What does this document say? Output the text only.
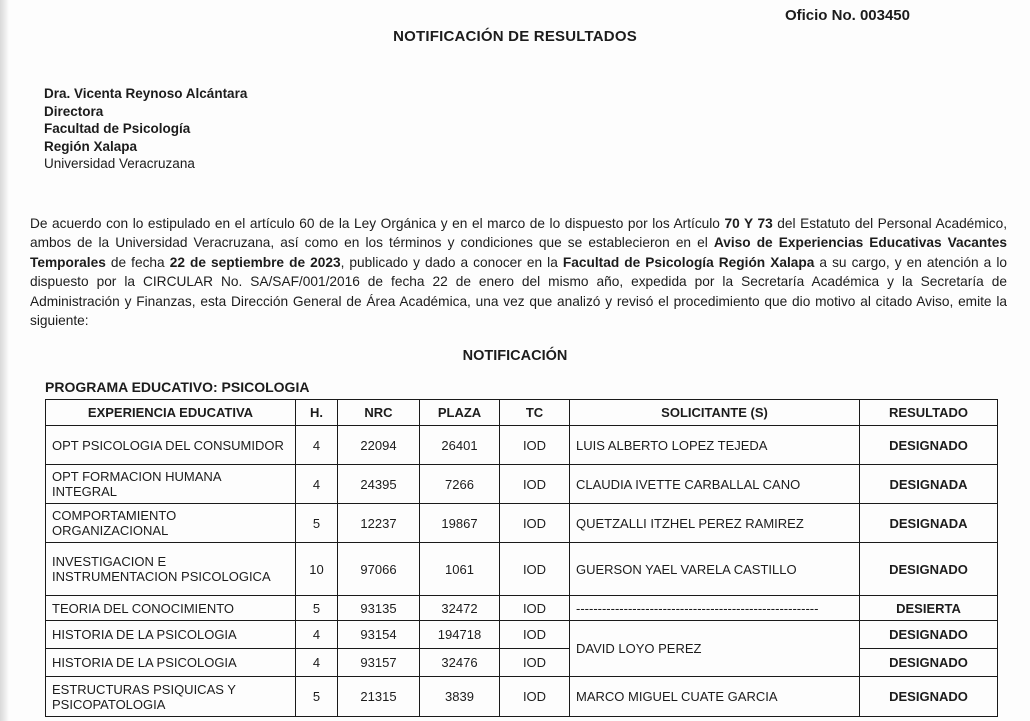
Oficio No. 003450
NOTIFICACIÓN DE RESULTADOS
Dra. Vicenta Reynoso Alcántara
Directora
Facultad de Psicología
Región Xalapa
Universidad Veracruzana

De acuerdo con lo estipulado en el artículo 60 de la Ley Orgánica y en el marco de lo dispuesto por los Artículo 70 Y 73 del Estatuto del Personal Académico, ambos de la Universidad Veracruzana, así como en los términos y condiciones que se establecieron en el Aviso de Experiencias Educativas Vacantes Temporales de fecha 22 de septiembre de 2023, publicado y dado a conocer en la Facultad de Psicología Región Xalapa a su cargo, y en atención a lo dispuesto por la CIRCULAR No. SA/SAF/001/2016 de fecha 22 de enero del mismo año, expedida por la Secretaría Académica y la Secretaría de Administración y Finanzas, esta Dirección General de Área Académica, una vez que analizó y revisó el procedimiento que dio motivo al citado Aviso, emite la siguiente:

NOTIFICACIÓN
PROGRAMA EDUCATIVO: PSICOLOGIA
EXPERIENCIA EDUCATIVA	H.	NRC	PLAZA	TC	SOLICITANTE (S)	RESULTADO
OPT PSICOLOGIA DEL CONSUMIDOR	4	22094	26401	IOD	LUIS ALBERTO LOPEZ TEJEDA	DESIGNADO
OPT FORMACION HUMANA INTEGRAL	4	24395	7266	IOD	CLAUDIA IVETTE CARBALLAL CANO	DESIGNADA
COMPORTAMIENTO ORGANIZACIONAL	5	12237	19867	IOD	QUETZALLI ITZHEL PEREZ RAMIREZ	DESIGNADA
INVESTIGACION E INSTRUMENTACION PSICOLOGICA	10	97066	1061	IOD	GUERSON YAEL VARELA CASTILLO	DESIGNADO
TEORIA DEL CONOCIMIENTO	5	93135	32472	IOD	--------------------------------------------------------	DESIERTA
HISTORIA DE LA PSICOLOGIA	4	93154	194718	IOD	DAVID LOYO PEREZ	DESIGNADO
HISTORIA DE LA PSICOLOGIA	4	93157	32476	IOD		DESIGNADO
ESTRUCTURAS PSIQUICAS Y PSICOPATOLOGIA	5	21315	3839	IOD	MARCO MIGUEL CUATE GARCIA	DESIGNADO
